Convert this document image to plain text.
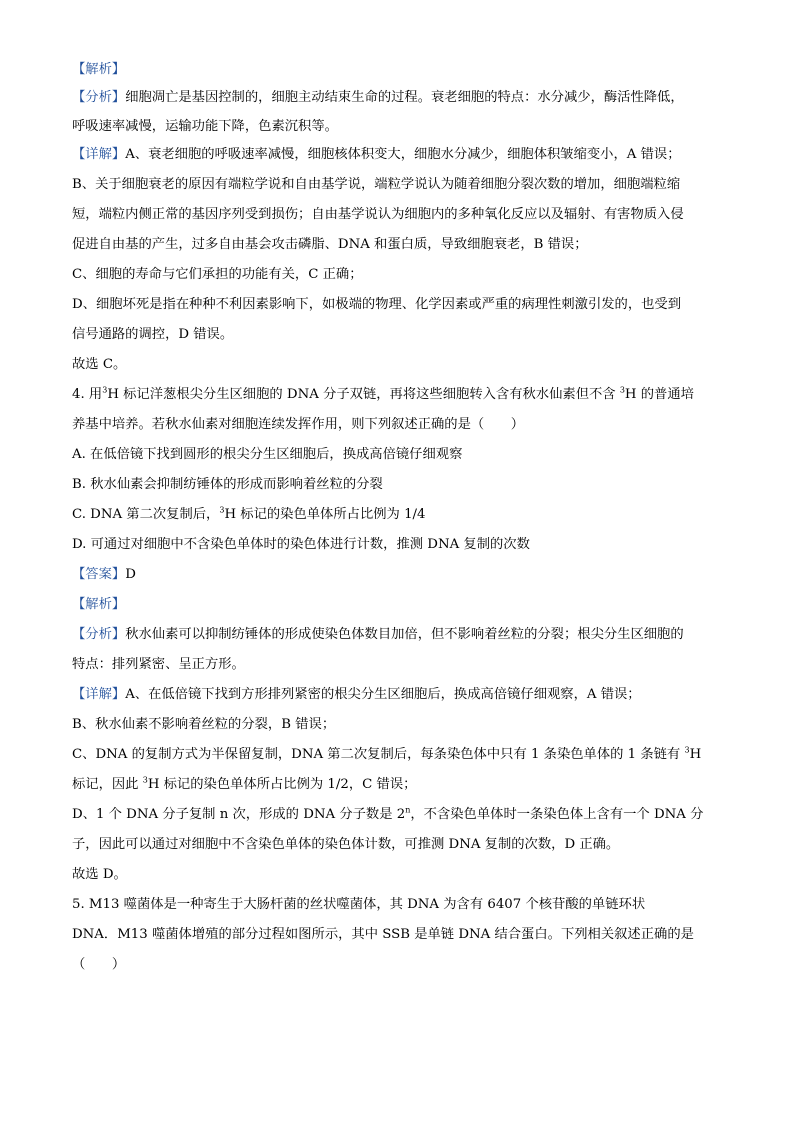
【解析】

【分析】细胞凋亡是基因控制的，细胞主动结束生命的过程。衰老细胞的特点：水分减少，酶活性降低，

呼吸速率减慢，运输功能下降，色素沉积等。

【详解】A、衰老细胞的呼吸速率减慢，细胞核体积变大，细胞水分减少，细胞体积皱缩变小，A 错误；

B、关于细胞衰老的原因有端粒学说和自由基学说，端粒学说认为随着细胞分裂次数的增加，细胞端粒缩

短，端粒内侧正常的基因序列受到损伤；自由基学说认为细胞内的多种氧化反应以及辐射、有害物质入侵

促进自由基的产生，过多自由基会攻击磷脂、DNA 和蛋白质，导致细胞衰老，B 错误；

C、细胞的寿命与它们承担的功能有关，C 正确；

D、细胞坏死是指在种种不利因素影响下，如极端的物理、化学因素或严重的病理性刺激引发的，也受到

信号通路的调控，D 错误。

故选 C。

4. 用$^3$H 标记洋葱根尖分生区细胞的 DNA 分子双链，再将这些细胞转入含有秋水仙素但不含 $^3$H 的普通培

养基中培养。若秋水仙素对细胞连续发挥作用，则下列叙述正确的是（　　）

A. 在低倍镜下找到圆形的根尖分生区细胞后，换成高倍镜仔细观察

B. 秋水仙素会抑制纺锤体的形成而影响着丝粒的分裂

C. DNA 第二次复制后，$^3$H 标记的染色单体所占比例为 1/4

D. 可通过对细胞中不含染色单体时的染色体进行计数，推测 DNA 复制的次数

【答案】D

【解析】

【分析】秋水仙素可以抑制纺锤体的形成使染色体数目加倍，但不影响着丝粒的分裂；根尖分生区细胞的

特点：排列紧密、呈正方形。

【详解】A、在低倍镜下找到方形排列紧密的根尖分生区细胞后，换成高倍镜仔细观察，A 错误；

B、秋水仙素不影响着丝粒的分裂，B 错误；

C、DNA 的复制方式为半保留复制，DNA 第二次复制后，每条染色体中只有 1 条染色单体的 1 条链有 $^3$H

标记，因此 $^3$H 标记的染色单体所占比例为 1/2，C 错误；

D、1 个 DNA 分子复制 n 次，形成的 DNA 分子数是 2$^n$，不含染色单体时一条染色体上含有一个 DNA 分

子，因此可以通过对细胞中不含染色单体的染色体计数，可推测 DNA 复制的次数，D 正确。

故选 D。

5. M13 噬菌体是一种寄生于大肠杆菌的丝状噬菌体，其 DNA 为含有 6407 个核苷酸的单链环状

DNA．M13 噬菌体增殖的部分过程如图所示，其中 SSB 是单链 DNA 结合蛋白。下列相关叙述正确的是

（　　）
